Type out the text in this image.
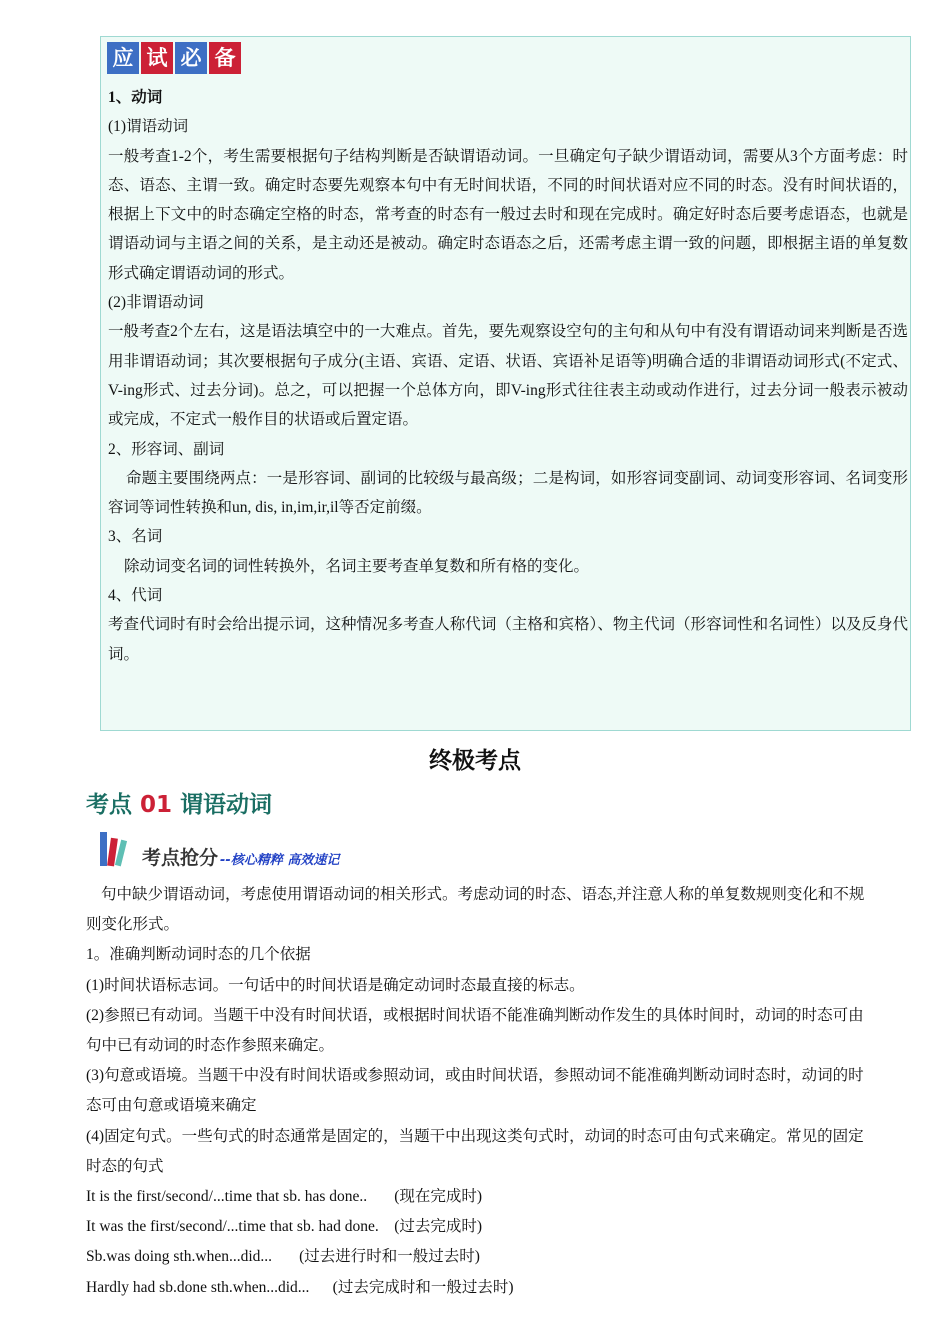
应 试 必 备

1、动词

(1)谓语动词

一般考查1-2个，考生需要根据句子结构判断是否缺谓语动词。一旦确定句子缺少谓语动词，需要从3个方面考虑：时态、语态、主谓一致。确定时态要先观察本句中有无时间状语，不同的时间状语对应不同的时态。没有时间状语的，根据上下文中的时态确定空格的时态，常考查的时态有一般过去时和现在完成时。确定好时态后要考虑语态，也就是谓语动词与主语之间的关系，是主动还是被动。确定时态语态之后，还需考虑主谓一致的问题，即根据主语的单复数形式确定谓语动词的形式。

(2)非谓语动词

一般考查2个左右，这是语法填空中的一大难点。首先，要先观察设空句的主句和从句中有没有谓语动词来判断是否选用非谓语动词；其次要根据句子成分(主语、宾语、定语、状语、宾语补足语等)明确合适的非谓语动词形式(不定式、V-ing形式、过去分词)。总之，可以把握一个总体方向，即V-ing形式往往表主动或动作进行，过去分词一般表示被动或完成，不定式一般作目的状语或后置定语。

2、形容词、副词

命题主要围绕两点：一是形容词、副词的比较级与最高级；二是构词，如形容词变副词、动词变形容词、名词变形容词等词性转换和un, dis, in,im,ir,il等否定前缀。

3、名词

除动词变名词的词性转换外，名词主要考查单复数和所有格的变化。

4、代词

考查代词时有时会给出提示词，这种情况多考查人称代词（主格和宾格）、物主代词（形容词性和名词性）以及反身代词。

终极考点
考点 01 谓语动词
考点抢分 --核心精粹 高效速记

句中缺少谓语动词，考虑使用谓语动词的相关形式。考虑动词的时态、语态,并注意人称的单复数规则变化和不规则变化形式。

1。准确判断动词时态的几个依据

(1)时间状语标志词。一句话中的时间状语是确定动词时态最直接的标志。

(2)参照已有动词。当题干中没有时间状语，或根据时间状语不能准确判断动作发生的具体时间时，动词的时态可由句中已有动词的时态作参照来确定。

(3)句意或语境。当题干中没有时间状语或参照动词，或由时间状语，参照动词不能准确判断动词时态时，动词的时态可由句意或语境来确定

(4)固定句式。一些句式的时态通常是固定的，当题干中出现这类句式时，动词的时态可由句式来确定。常见的固定时态的句式

It is the first/second/...time that sb. has done..       (现在完成时)

It was the first/second/...time that sb. had done.    (过去完成时)

Sb.was doing sth.when...did...       (过去进行时和一般过去时)

Hardly had sb.done sth.when...did...      (过去完成时和一般过去时)
